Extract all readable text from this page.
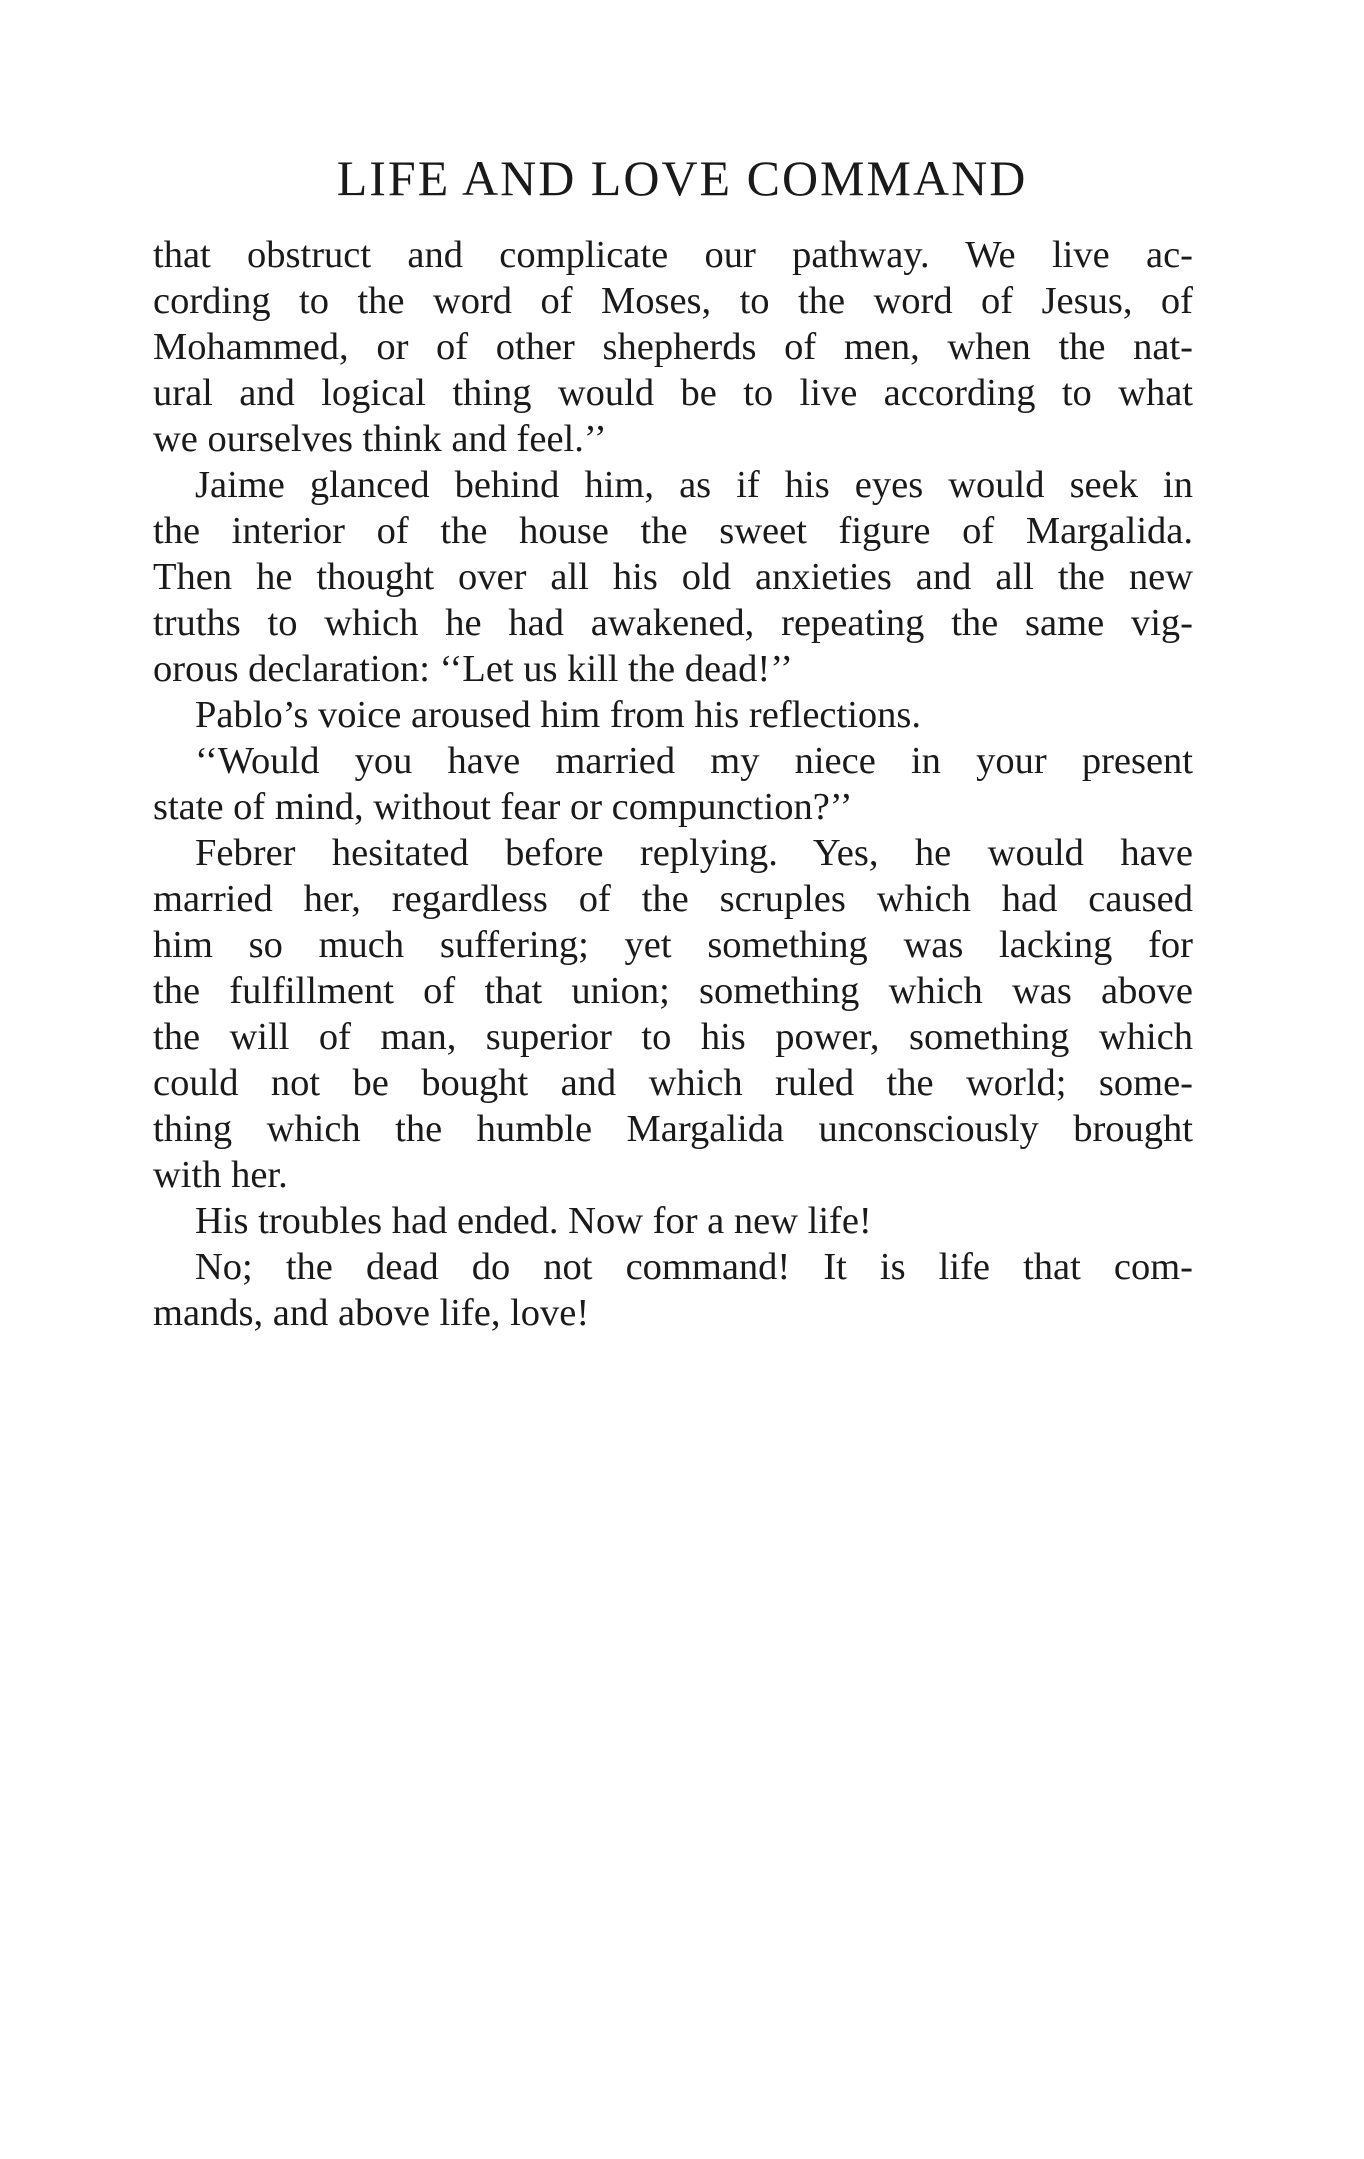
LIFE AND LOVE COMMAND
that obstruct and complicate our pathway. We live ac-
cording to the word of Moses, to the word of Jesus, of
Mohammed, or of other shepherds of men, when the nat-
ural and logical thing would be to live according to what
we ourselves think and feel.’’
Jaime glanced behind him, as if his eyes would seek in
the interior of the house the sweet figure of Margalida.
Then he thought over all his old anxieties and all the new
truths to which he had awakened, repeating the same vig-
orous declaration: ‘‘Let us kill the dead!’’
Pablo’s voice aroused him from his reflections.
‘‘Would you have married my niece in your present
state of mind, without fear or compunction?’’
Febrer hesitated before replying. Yes, he would have
married her, regardless of the scruples which had caused
him so much suffering; yet something was lacking for
the fulfillment of that union; something which was above
the will of man, superior to his power, something which
could not be bought and which ruled the world; some-
thing which the humble Margalida unconsciously brought
with her.
His troubles had ended. Now for a new life!
No; the dead do not command! It is life that com-
mands, and above life, love!
